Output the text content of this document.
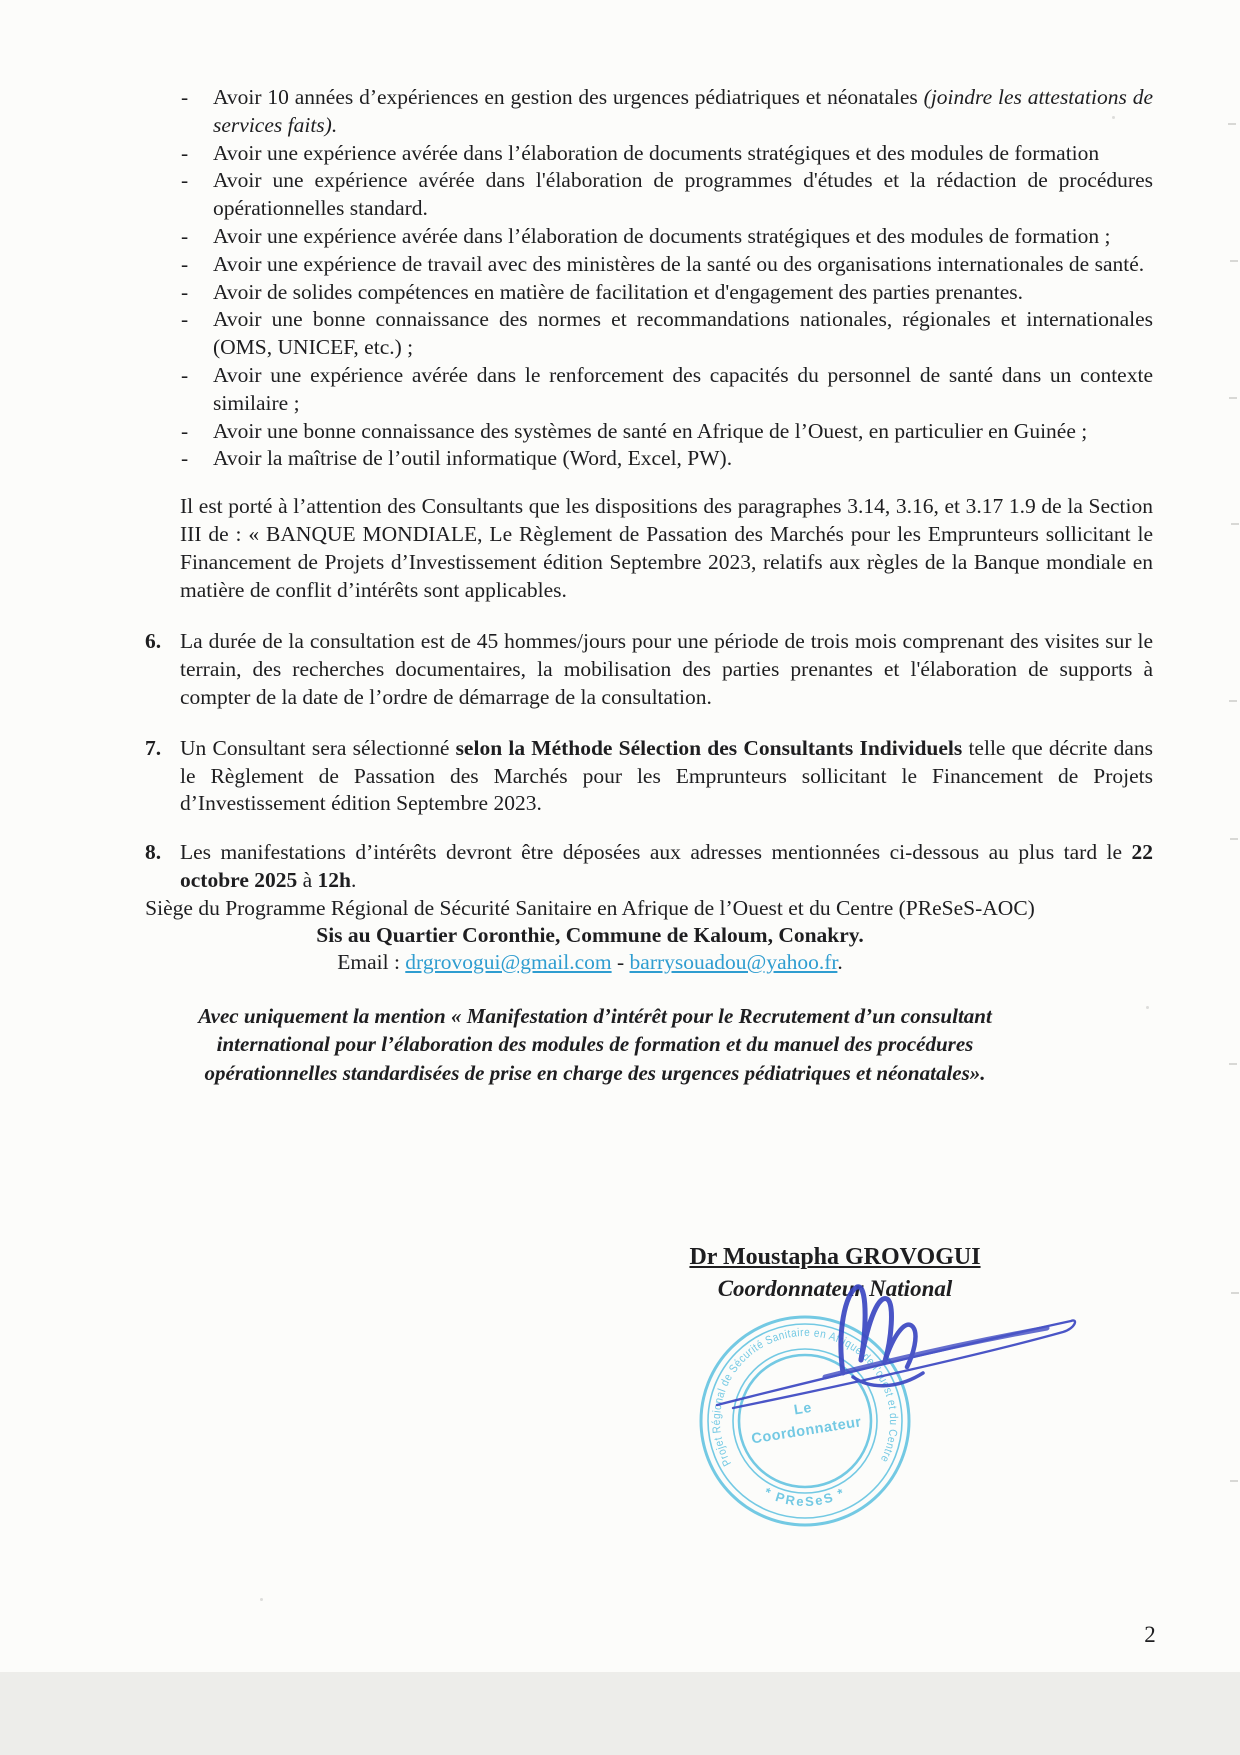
- Avoir 10 années d’expériences en gestion des urgences pédiatriques et néonatales (joindre les attestations de services faits).
- Avoir une expérience avérée dans l’élaboration de documents stratégiques et des modules de formation
- Avoir une expérience avérée dans l'élaboration de programmes d'études et la rédaction de procédures opérationnelles standard.
- Avoir une expérience avérée dans l’élaboration de documents stratégiques et des modules de formation ;
- Avoir une expérience de travail avec des ministères de la santé ou des organisations internationales de santé.
- Avoir de solides compétences en matière de facilitation et d'engagement des parties prenantes.
- Avoir une bonne connaissance des normes et recommandations nationales, régionales et internationales (OMS, UNICEF, etc.) ;
- Avoir une expérience avérée dans le renforcement des capacités du personnel de santé dans un contexte similaire ;
- Avoir une bonne connaissance des systèmes de santé en Afrique de l’Ouest, en particulier en Guinée ;
- Avoir la maîtrise de l’outil informatique (Word, Excel, PW).

Il est porté à l’attention des Consultants que les dispositions des paragraphes 3.14, 3.16, et 3.17 1.9 de la Section III de : « BANQUE MONDIALE, Le Règlement de Passation des Marchés pour les Emprunteurs sollicitant le Financement de Projets d’Investissement édition Septembre 2023, relatifs aux règles de la Banque mondiale en matière de conflit d’intérêts sont applicables.

6. La durée de la consultation est de 45 hommes/jours pour une période de trois mois comprenant des visites sur le terrain, des recherches documentaires, la mobilisation des parties prenantes et l'élaboration de supports à compter de la date de l’ordre de démarrage de la consultation.
7. Un Consultant sera sélectionné selon la Méthode Sélection des Consultants Individuels telle que décrite dans le Règlement de Passation des Marchés pour les Emprunteurs sollicitant le Financement de Projets d’Investissement édition Septembre 2023.
8. Les manifestations d’intérêts devront être déposées aux adresses mentionnées ci-dessous au plus tard le 22 octobre 2025 à 12h.
Siège du Programme Régional de Sécurité Sanitaire en Afrique de l’Ouest et du Centre (PReSeS-AOC)
Sis au Quartier Coronthie, Commune de Kaloum, Conakry.
Email : drgrovogui@gmail.com - barrysouadou@yahoo.fr.

Avec uniquement la mention « Manifestation d’intérêt pour le Recrutement d’un consultant international pour l’élaboration des modules de formation et du manuel des procédures opérationnelles standardisées de prise en charge des urgences pédiatriques et néonatales».

Dr Moustapha GROVOGUI
Coordonnateur National
Projet Régional de Sécurité Sanitaire en Afrique de l'ouest et du Centre
* PReSeS *
Le
Coordonnateur
2
